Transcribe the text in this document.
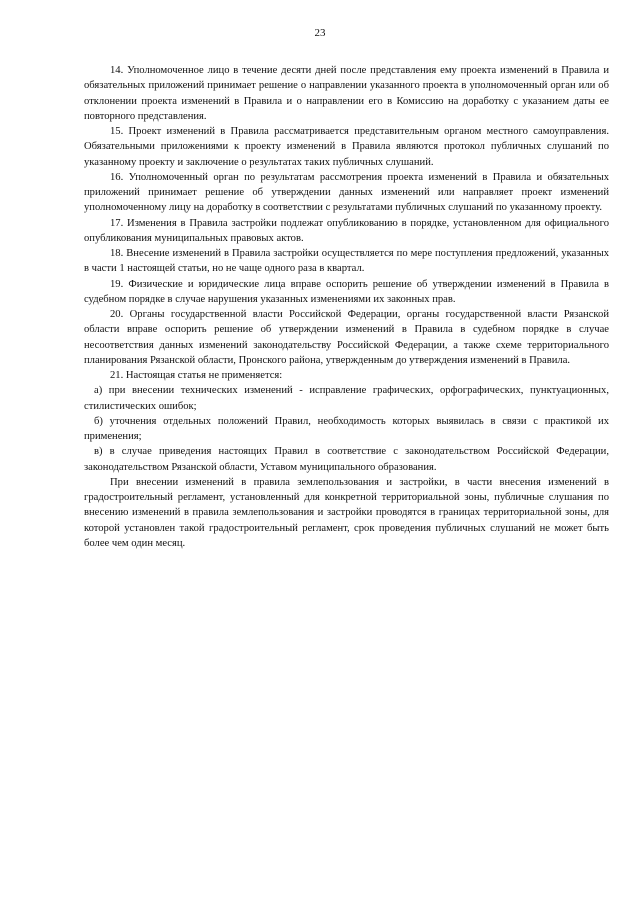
23

14. Уполномоченное лицо в течение десяти дней после представления ему проекта изменений в Правила и обязательных приложений принимает решение о направлении указанного проекта в уполномоченный орган или об отклонении проекта изменений в Правила и о направлении его в Комиссию на доработку с указанием даты ее повторного представления.

15. Проект изменений в Правила рассматривается представительным органом местного самоуправления. Обязательными приложениями к проекту изменений в Правила являются протокол публичных слушаний по указанному проекту и заключение о результатах таких публичных слушаний.

16. Уполномоченный орган по результатам рассмотрения проекта изменений в Правила и обязательных приложений принимает решение об утверждении данных изменений или направляет проект изменений уполномоченному лицу на доработку в соответствии с результатами публичных слушаний по указанному проекту.

17. Изменения в Правила застройки подлежат опубликованию в порядке, установленном для официального опубликования муниципальных правовых актов.

18. Внесение изменений в Правила застройки осуществляется по мере поступления предложений, указанных в части 1 настоящей статьи, но не чаще одного раза в квартал.

19. Физические и юридические лица вправе оспорить решение об утверждении изменений в Правила в судебном порядке в случае нарушения указанных изменениями их законных прав.

20. Органы государственной власти Российской Федерации, органы государственной власти Рязанской области вправе оспорить решение об утверждении изменений в Правила в судебном порядке в случае несоответствия данных изменений законодательству Российской Федерации, а также схеме территориального планирования Рязанской области, Пронского района, утвержденным до утверждения изменений в Правила.

21. Настоящая статья не применяется:

а) при внесении технических изменений - исправление графических, орфографических, пунктуационных, стилистических ошибок;

б) уточнения отдельных положений Правил, необходимость которых выявилась в связи с практикой их применения;

в) в случае приведения настоящих Правил в соответствие с законодательством Российской Федерации, законодательством Рязанской области, Уставом муниципального образования.

При внесении изменений в правила землепользования и застройки, в части внесения изменений в градостроительный регламент, установленный для конкретной территориальной зоны, публичные слушания по внесению изменений в правила землепользования и застройки проводятся в границах территориальной зоны, для которой установлен такой градостроительный регламент, срок проведения публичных слушаний не может быть более чем один месяц.
